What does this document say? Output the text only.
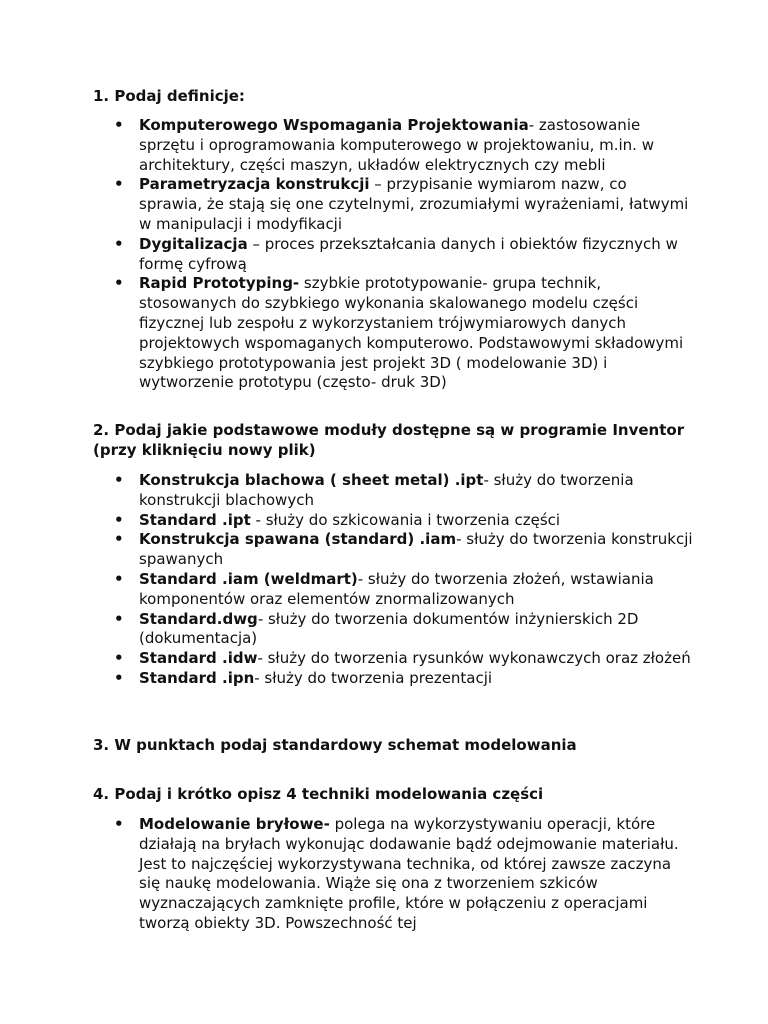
1. Podaj definicje:

• Komputerowego Wspomagania Projektowania- zastosowanie sprzętu i oprogramowania komputerowego w projektowaniu, m.in. w architektury, części maszyn, układów elektrycznych czy mebli
• Parametryzacja konstrukcji – przypisanie wymiarom nazw, co sprawia, że stają się one czytelnymi, zrozumiałymi wyrażeniami, łatwymi w manipulacji i modyfikacji
• Dygitalizacja – proces przekształcania danych i obiektów fizycznych w formę cyfrową
• Rapid Prototyping- szybkie prototypowanie- grupa technik, stosowanych do szybkiego wykonania skalowanego modelu części fizycznej lub zespołu z wykorzystaniem trójwymiarowych danych projektowych wspomaganych komputerowo. Podstawowymi składowymi szybkiego prototypowania jest projekt 3D ( modelowanie 3D) i wytworzenie prototypu (często- druk 3D)

2. Podaj jakie podstawowe moduły dostępne są w programie Inventor (przy kliknięciu nowy plik)

• Konstrukcja blachowa ( sheet metal) .ipt- służy do tworzenia konstrukcji blachowych
• Standard .ipt - służy do szkicowania i tworzenia części
• Konstrukcja spawana (standard) .iam- służy do tworzenia konstrukcji spawanych
• Standard .iam (weldmart)- służy do tworzenia złożeń, wstawiania komponentów oraz elementów znormalizowanych
• Standard.dwg- służy do tworzenia dokumentów inżynierskich 2D (dokumentacja)
• Standard .idw- służy do tworzenia rysunków wykonawczych oraz złożeń
• Standard .ipn- służy do tworzenia prezentacji

3. W punktach podaj standardowy schemat modelowania

4. Podaj i krótko opisz 4 techniki modelowania części

• Modelowanie bryłowe- polega na wykorzystywaniu operacji, które działają na bryłach wykonując dodawanie bądź odejmowanie materiału. Jest to najczęściej wykorzystywana technika, od której zawsze zaczyna się naukę modelowania. Wiąże się ona z tworzeniem szkiców wyznaczających zamknięte profile, które w połączeniu z operacjami tworzą obiekty 3D. Powszechność tej
